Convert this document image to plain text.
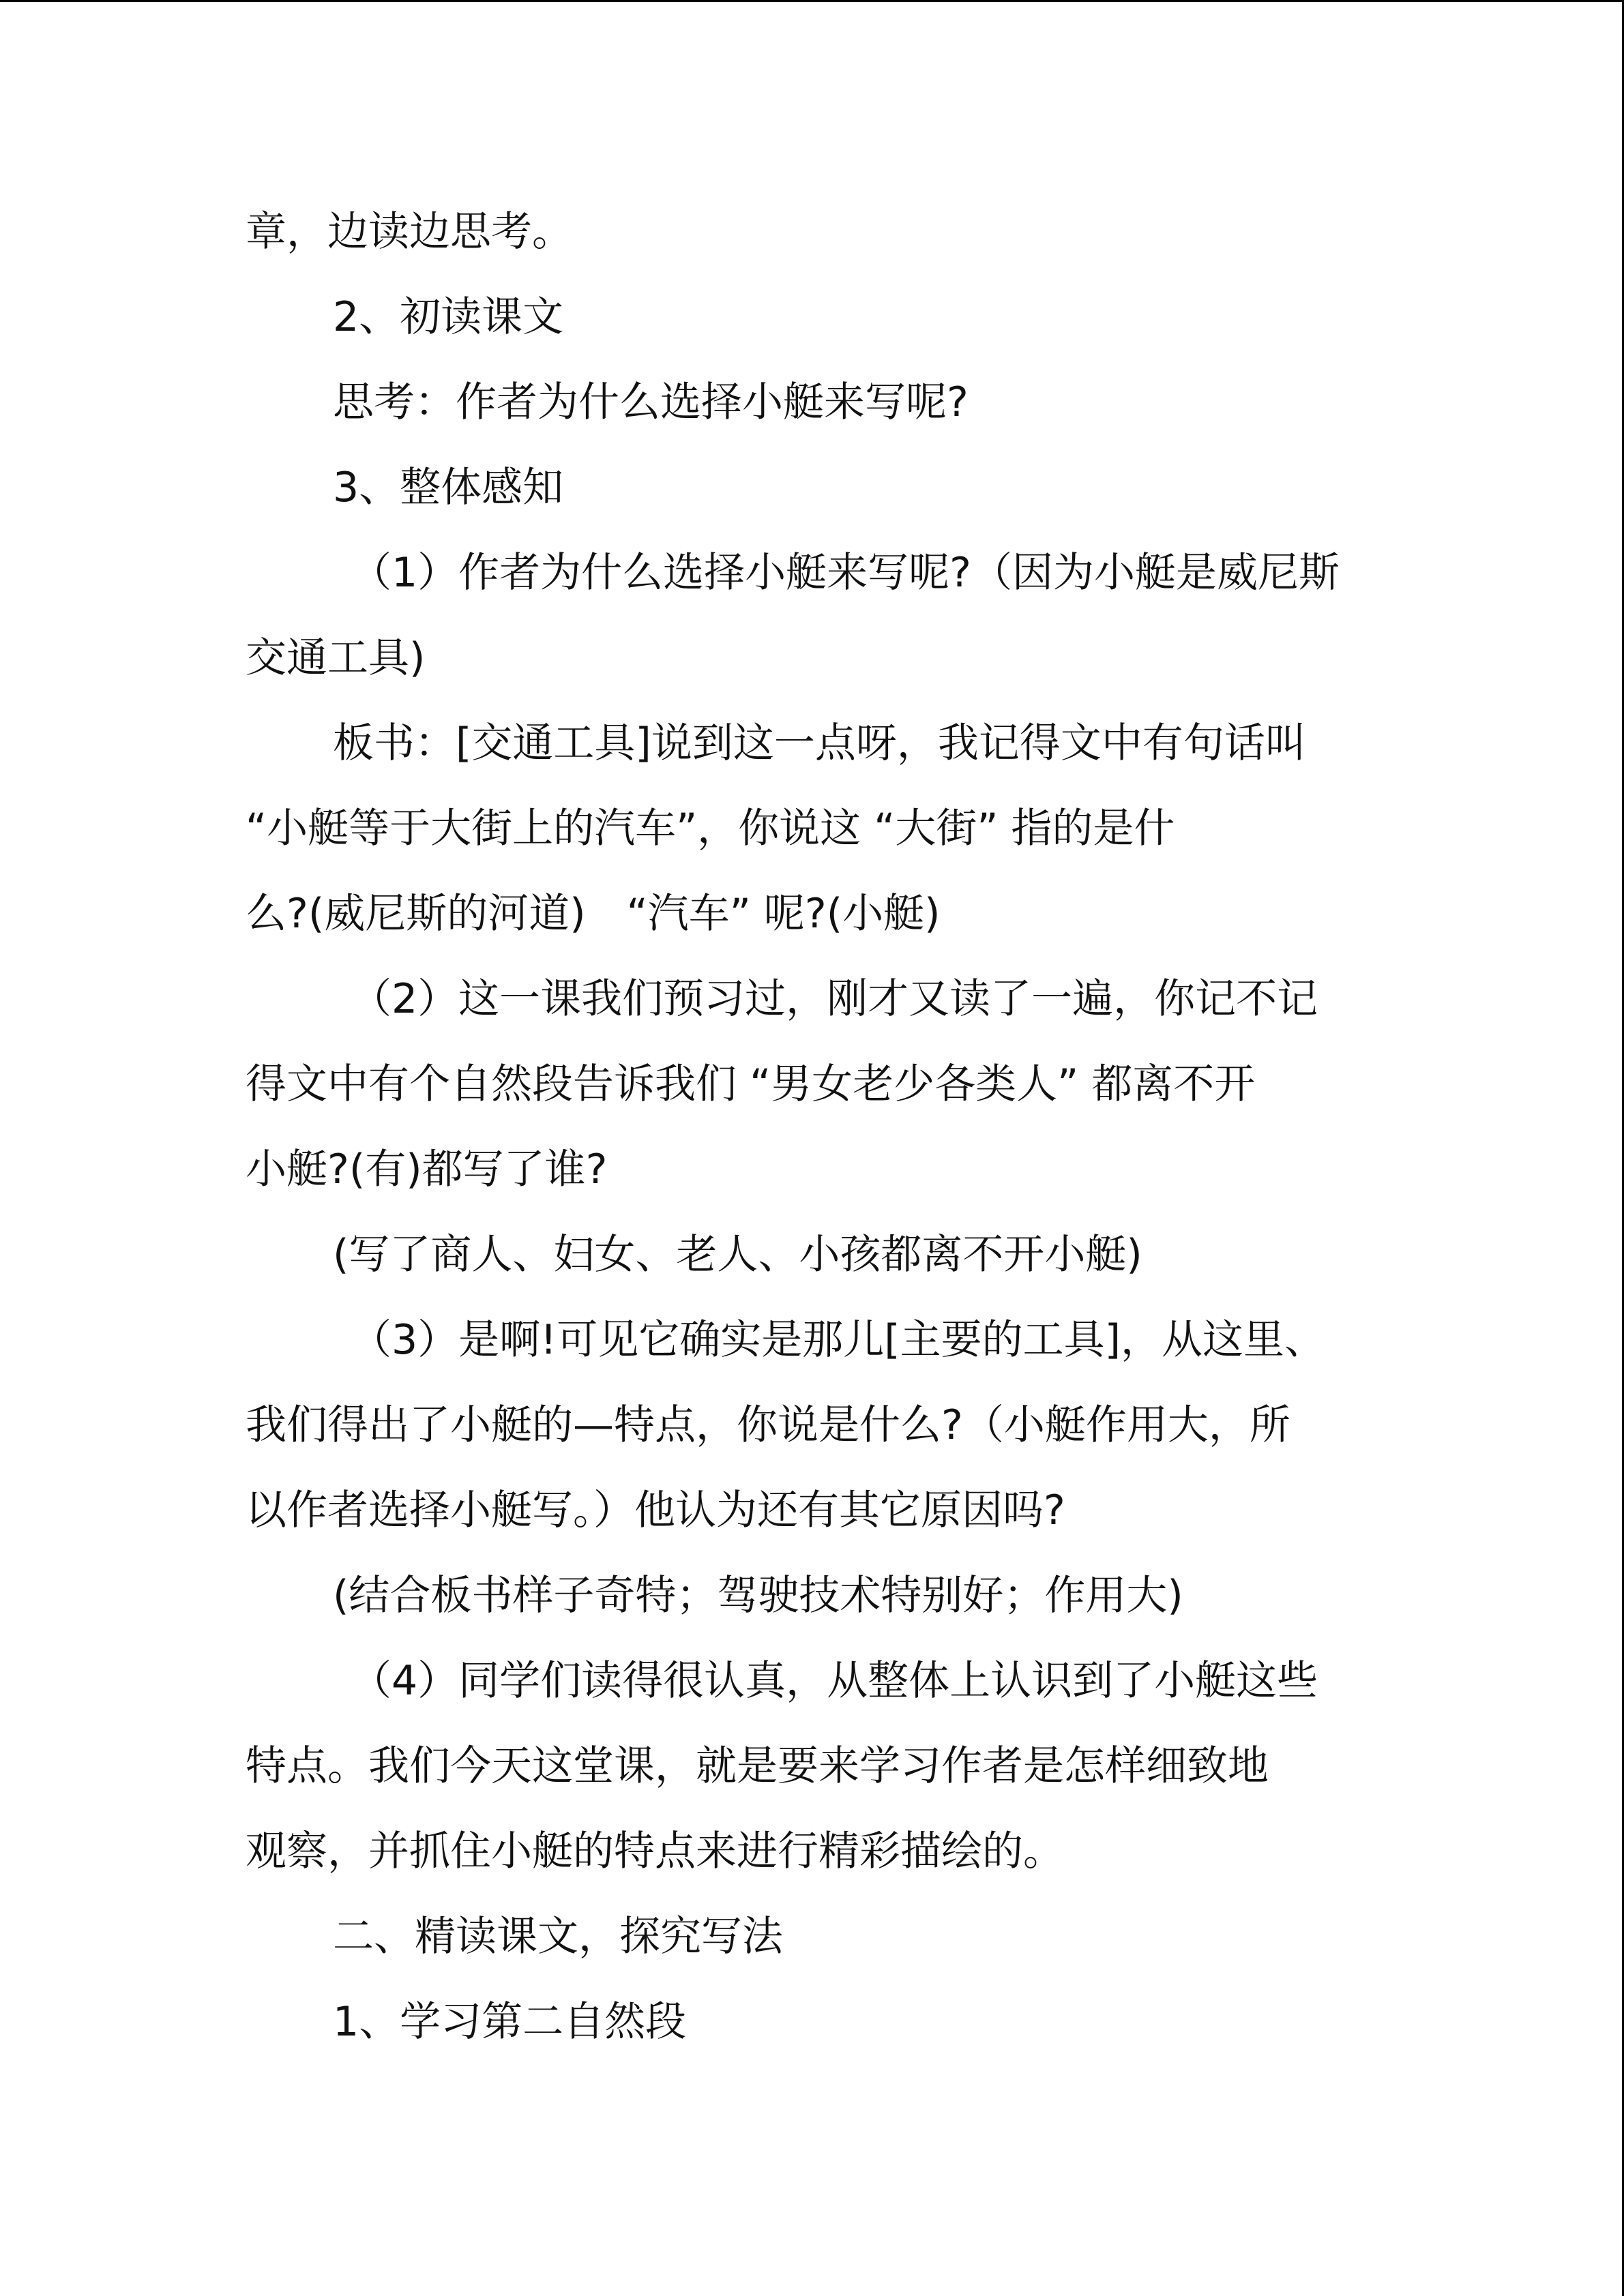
章，边读边思考。
2、初读课文
思考：作者为什么选择小艇来写呢?
3、整体感知
（1）作者为什么选择小艇来写呢?（因为小艇是威尼斯
交通工具)
板书：[交通工具]说到这一点呀，我记得文中有句话叫
“小艇等于大街上的汽车”，你说这 “大街” 指的是什
么?(威尼斯的河道)　“汽车” 呢?(小艇)
（2）这一课我们预习过，刚才又读了一遍，你记不记
得文中有个自然段告诉我们 “男女老少各类人” 都离不开
小艇?(有)都写了谁?
(写了商人、妇女、老人、小孩都离不开小艇)
（3）是啊!可见它确实是那儿[主要的工具]，从这里、
我们得出了小艇的—特点，你说是什么?（小艇作用大，所
以作者选择小艇写。）他认为还有其它原因吗?
(结合板书样子奇特；驾驶技术特别好；作用大)
（4）同学们读得很认真，从整体上认识到了小艇这些
特点。我们今天这堂课，就是要来学习作者是怎样细致地
观察，并抓住小艇的特点来进行精彩描绘的。
二、精读课文，探究写法
1、学习第二自然段
